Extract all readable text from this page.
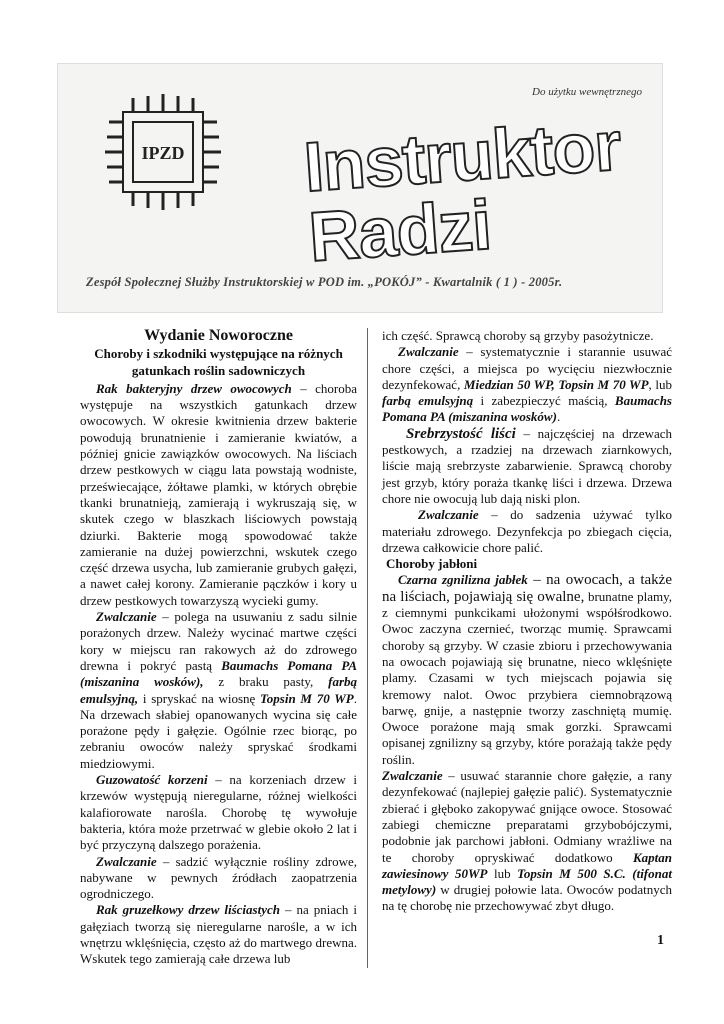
Do użytku wewnętrznego
IPZD Instruktor Radzi
Zespół Społecznej Służby Instruktorskiej w POD im. „POKÓJ” - Kwartalnik ( 1 ) - 2005r.
Wydanie Noworoczne
Choroby i szkodniki występujące na różnych gatunkach roślin sadowniczych

Rak bakteryjny drzew owocowych – choroba występuje na wszystkich gatunkach drzew owocowych. W okresie kwitnienia drzew bakterie powodują brunatnienie i zamieranie kwiatów, a później gnicie zawiązków owocowych. Na liściach drzew pestkowych w ciągu lata powstają wodniste, przeświecające, żółtawe plamki, w których obrębie tkanki brunatnieją, zamierają i wykruszają się, w skutek czego w blaszkach liściowych powstają dziurki. Bakterie mogą spowodować także zamieranie na dużej powierzchni, wskutek czego część drzewa usycha, lub zamieranie grubych gałęzi, a nawet całej korony. Zamieranie pączków i kory u drzew pestkowych towarzyszą wycieki gumy.

Zwalczanie – polega na usuwaniu z sadu silnie porażonych drzew. Należy wycinać martwe części kory w miejscu ran rakowych aż do zdrowego drewna i pokryć pastą Baumachs Pomana PA (miszanina wosków), z braku pasty, farbą emulsyjną, i spryskać na wiosnę Topsin M 70 WP. Na drzewach słabiej opanowanych wycina się całe porażone pędy i gałęzie. Ogólnie rzec biorąc, po zebraniu owoców należy spryskać środkami miedziowymi.

Guzowatość korzeni – na korzeniach drzew i krzewów występują nieregularne, różnej wielkości kalafiorowate narośla. Chorobę tę wywołuje bakteria, która może przetrwać w glebie około 2 lat i być przyczyną dalszego porażenia.

Zwalczanie – sadzić wyłącznie rośliny zdrowe, nabywane w pewnych źródłach zaopatrzenia ogrodniczego.

Rak gruzełkowy drzew liściastych – na pniach i gałęziach tworzą się nieregularne narośle, a w ich wnętrzu wklęśnięcia, często aż do martwego drewna. Wskutek tego zamierają całe drzewa lub

ich część. Sprawcą choroby są grzyby pasożytnicze.

Zwalczanie – systematycznie i starannie usuwać chore części, a miejsca po wycięciu niezwłocznie dezynfekować, Miedzian 50 WP, Topsin M 70 WP, lub farbą emulsyjną i zabezpieczyć maścią, Baumachs Pomana PA (miszanina wosków).

Srebrzystość liści – najczęściej na drzewach pestkowych, a rzadziej na drzewach ziarnkowych, liście mają srebrzyste zabarwienie. Sprawcą choroby jest grzyb, który poraża tkankę liści i drzewa. Drzewa chore nie owocują lub dają niski plon.

Zwalczanie – do sadzenia używać tylko materiału zdrowego. Dezynfekcja po zbiegach cięcia, drzewa całkowicie chore palić.

Choroby jabłoni

Czarna zgnilizna jabłek – na owocach, a także na liściach, pojawiają się owalne, brunatne plamy, z ciemnymi punkcikami ułożonymi współśrodkowo. Owoc zaczyna czernieć, tworząc mumię. Sprawcami choroby są grzyby. W czasie zbioru i przechowywania na owocach pojawiają się brunatne, nieco wklęśnięte plamy. Czasami w tych miejscach pojawia się kremowy nalot. Owoc przybiera ciemnobrązową barwę, gnije, a następnie tworzy zaschniętą mumię. Owoce porażone mają smak gorzki. Sprawcami opisanej zgnilizny są grzyby, które porażają także pędy roślin.

Zwalczanie – usuwać starannie chore gałęzie, a rany dezynfekować (najlepiej gałęzie palić). Systematycznie zbierać i głęboko zakopywać gnijące owoce. Stosować zabiegi chemiczne preparatami grzybobójczymi, podobnie jak parchowi jabłoni. Odmiany wrażliwe na te choroby opryskiwać dodatkowo Kaptan zawiesinowy 50WP lub Topsin M 500 S.C. (tifonat metylowy) w drugiej połowie lata. Owoców podatnych na tę chorobę nie przechowywać zbyt długo.

1
